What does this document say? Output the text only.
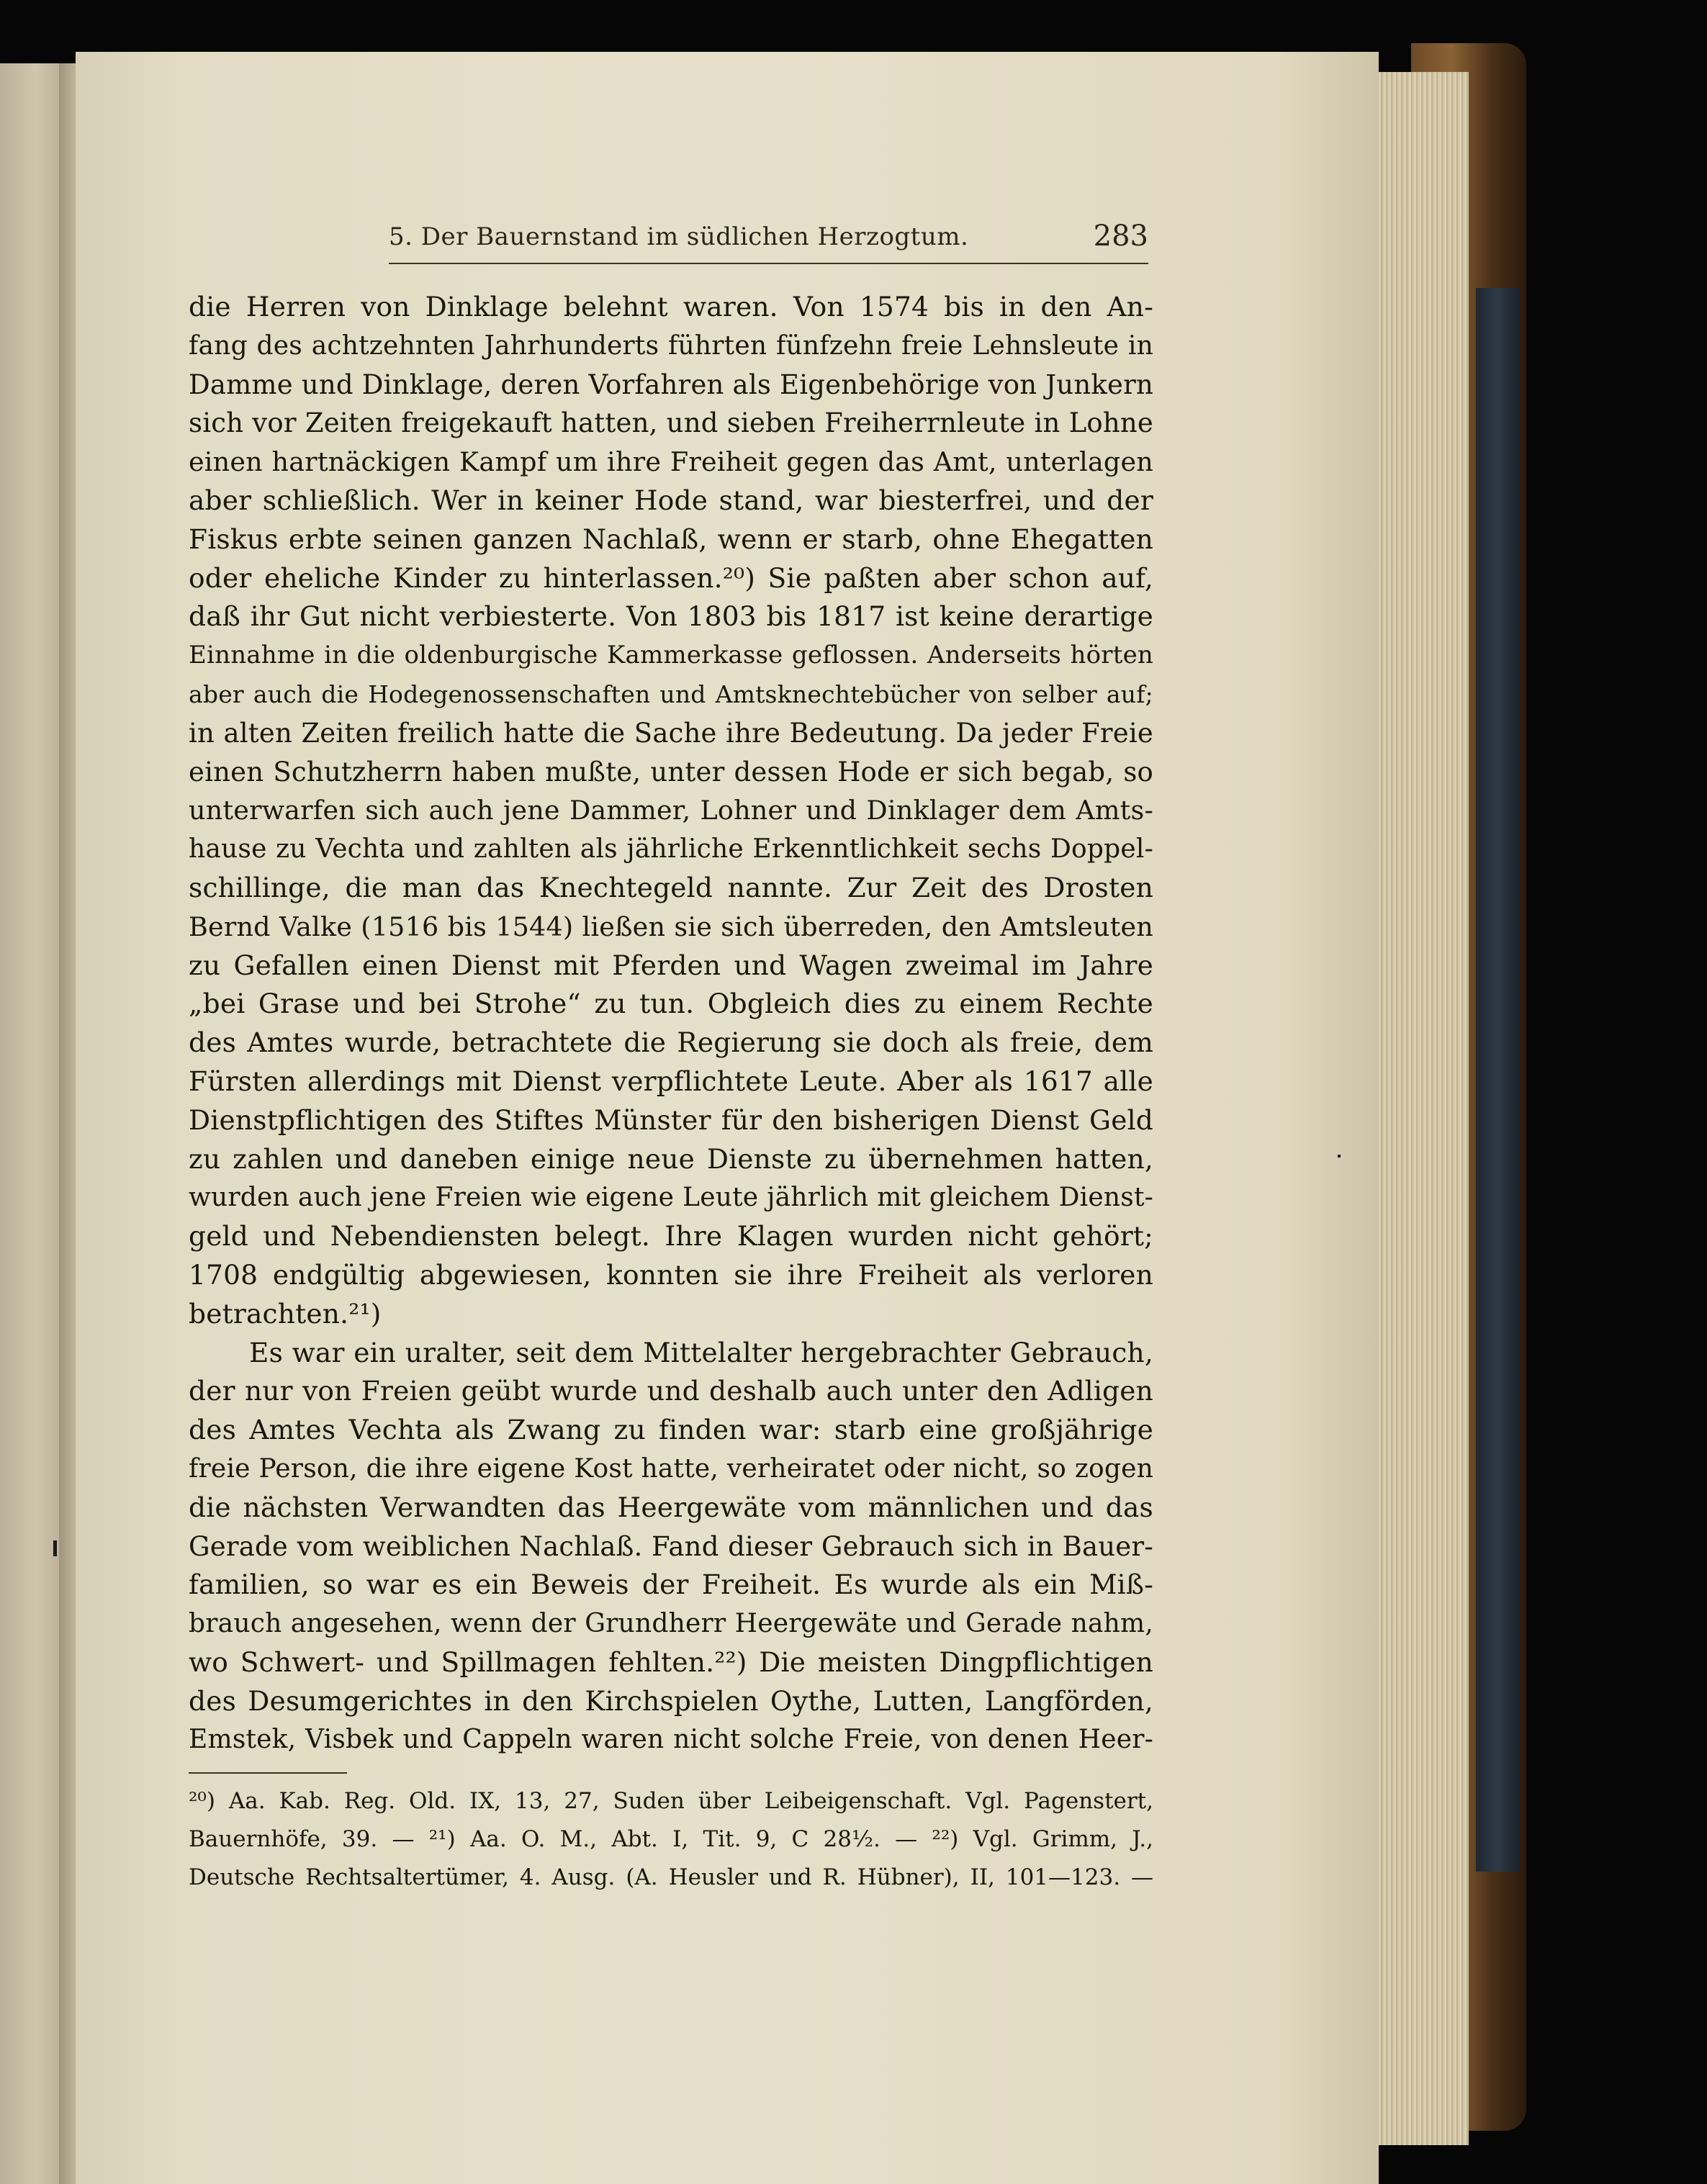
5. Der Bauernstand im südlichen Herzogtum.	283
die Herren von Dinklage belehnt waren. Von 1574 bis in den An-
fang des achtzehnten Jahrhunderts führten fünfzehn freie Lehnsleute in
Damme und Dinklage, deren Vorfahren als Eigenbehörige von Junkern
sich vor Zeiten freigekauft hatten, und sieben Freiherrnleute in Lohne
einen hartnäckigen Kampf um ihre Freiheit gegen das Amt, unterlagen
aber schließlich. Wer in keiner Hode stand, war biesterfrei, und der
Fiskus erbte seinen ganzen Nachlaß, wenn er starb, ohne Ehegatten
oder eheliche Kinder zu hinterlassen.²⁰) Sie paßten aber schon auf,
daß ihr Gut nicht verbiesterte. Von 1803 bis 1817 ist keine derartige
Einnahme in die oldenburgische Kammerkasse geflossen. Anderseits hörten
aber auch die Hodegenossenschaften und Amtsknechtebücher von selber auf;
in alten Zeiten freilich hatte die Sache ihre Bedeutung. Da jeder Freie
einen Schutzherrn haben mußte, unter dessen Hode er sich begab, so
unterwarfen sich auch jene Dammer, Lohner und Dinklager dem Amts-
hause zu Vechta und zahlten als jährliche Erkenntlichkeit sechs Doppel-
schillinge, die man das Knechtegeld nannte. Zur Zeit des Drosten
Bernd Valke (1516 bis 1544) ließen sie sich überreden, den Amtsleuten
zu Gefallen einen Dienst mit Pferden und Wagen zweimal im Jahre
„bei Grase und bei Strohe“ zu tun. Obgleich dies zu einem Rechte
des Amtes wurde, betrachtete die Regierung sie doch als freie, dem
Fürsten allerdings mit Dienst verpflichtete Leute. Aber als 1617 alle
Dienstpflichtigen des Stiftes Münster für den bisherigen Dienst Geld
zu zahlen und daneben einige neue Dienste zu übernehmen hatten,
wurden auch jene Freien wie eigene Leute jährlich mit gleichem Dienst-
geld und Nebendiensten belegt. Ihre Klagen wurden nicht gehört;
1708 endgültig abgewiesen, konnten sie ihre Freiheit als verloren
betrachten.²¹)
Es war ein uralter, seit dem Mittelalter hergebrachter Gebrauch,
der nur von Freien geübt wurde und deshalb auch unter den Adligen
des Amtes Vechta als Zwang zu finden war: starb eine großjährige
freie Person, die ihre eigene Kost hatte, verheiratet oder nicht, so zogen
die nächsten Verwandten das Heergewäte vom männlichen und das
Gerade vom weiblichen Nachlaß. Fand dieser Gebrauch sich in Bauer-
familien, so war es ein Beweis der Freiheit. Es wurde als ein Miß-
brauch angesehen, wenn der Grundherr Heergewäte und Gerade nahm,
wo Schwert- und Spillmagen fehlten.²²) Die meisten Dingpflichtigen
des Desumgerichtes in den Kirchspielen Oythe, Lutten, Langförden,
Emstek, Visbek und Cappeln waren nicht solche Freie, von denen Heer-
²⁰) Aa. Kab. Reg. Old. IX, 13, 27, Suden über Leibeigenschaft. Vgl. Pagenstert,
Bauernhöfe, 39. — ²¹) Aa. O. M., Abt. I, Tit. 9, C 28½. — ²²) Vgl. Grimm, J.,
Deutsche Rechtsaltertümer, 4. Ausg. (A. Heusler und R. Hübner), II, 101—123. —
